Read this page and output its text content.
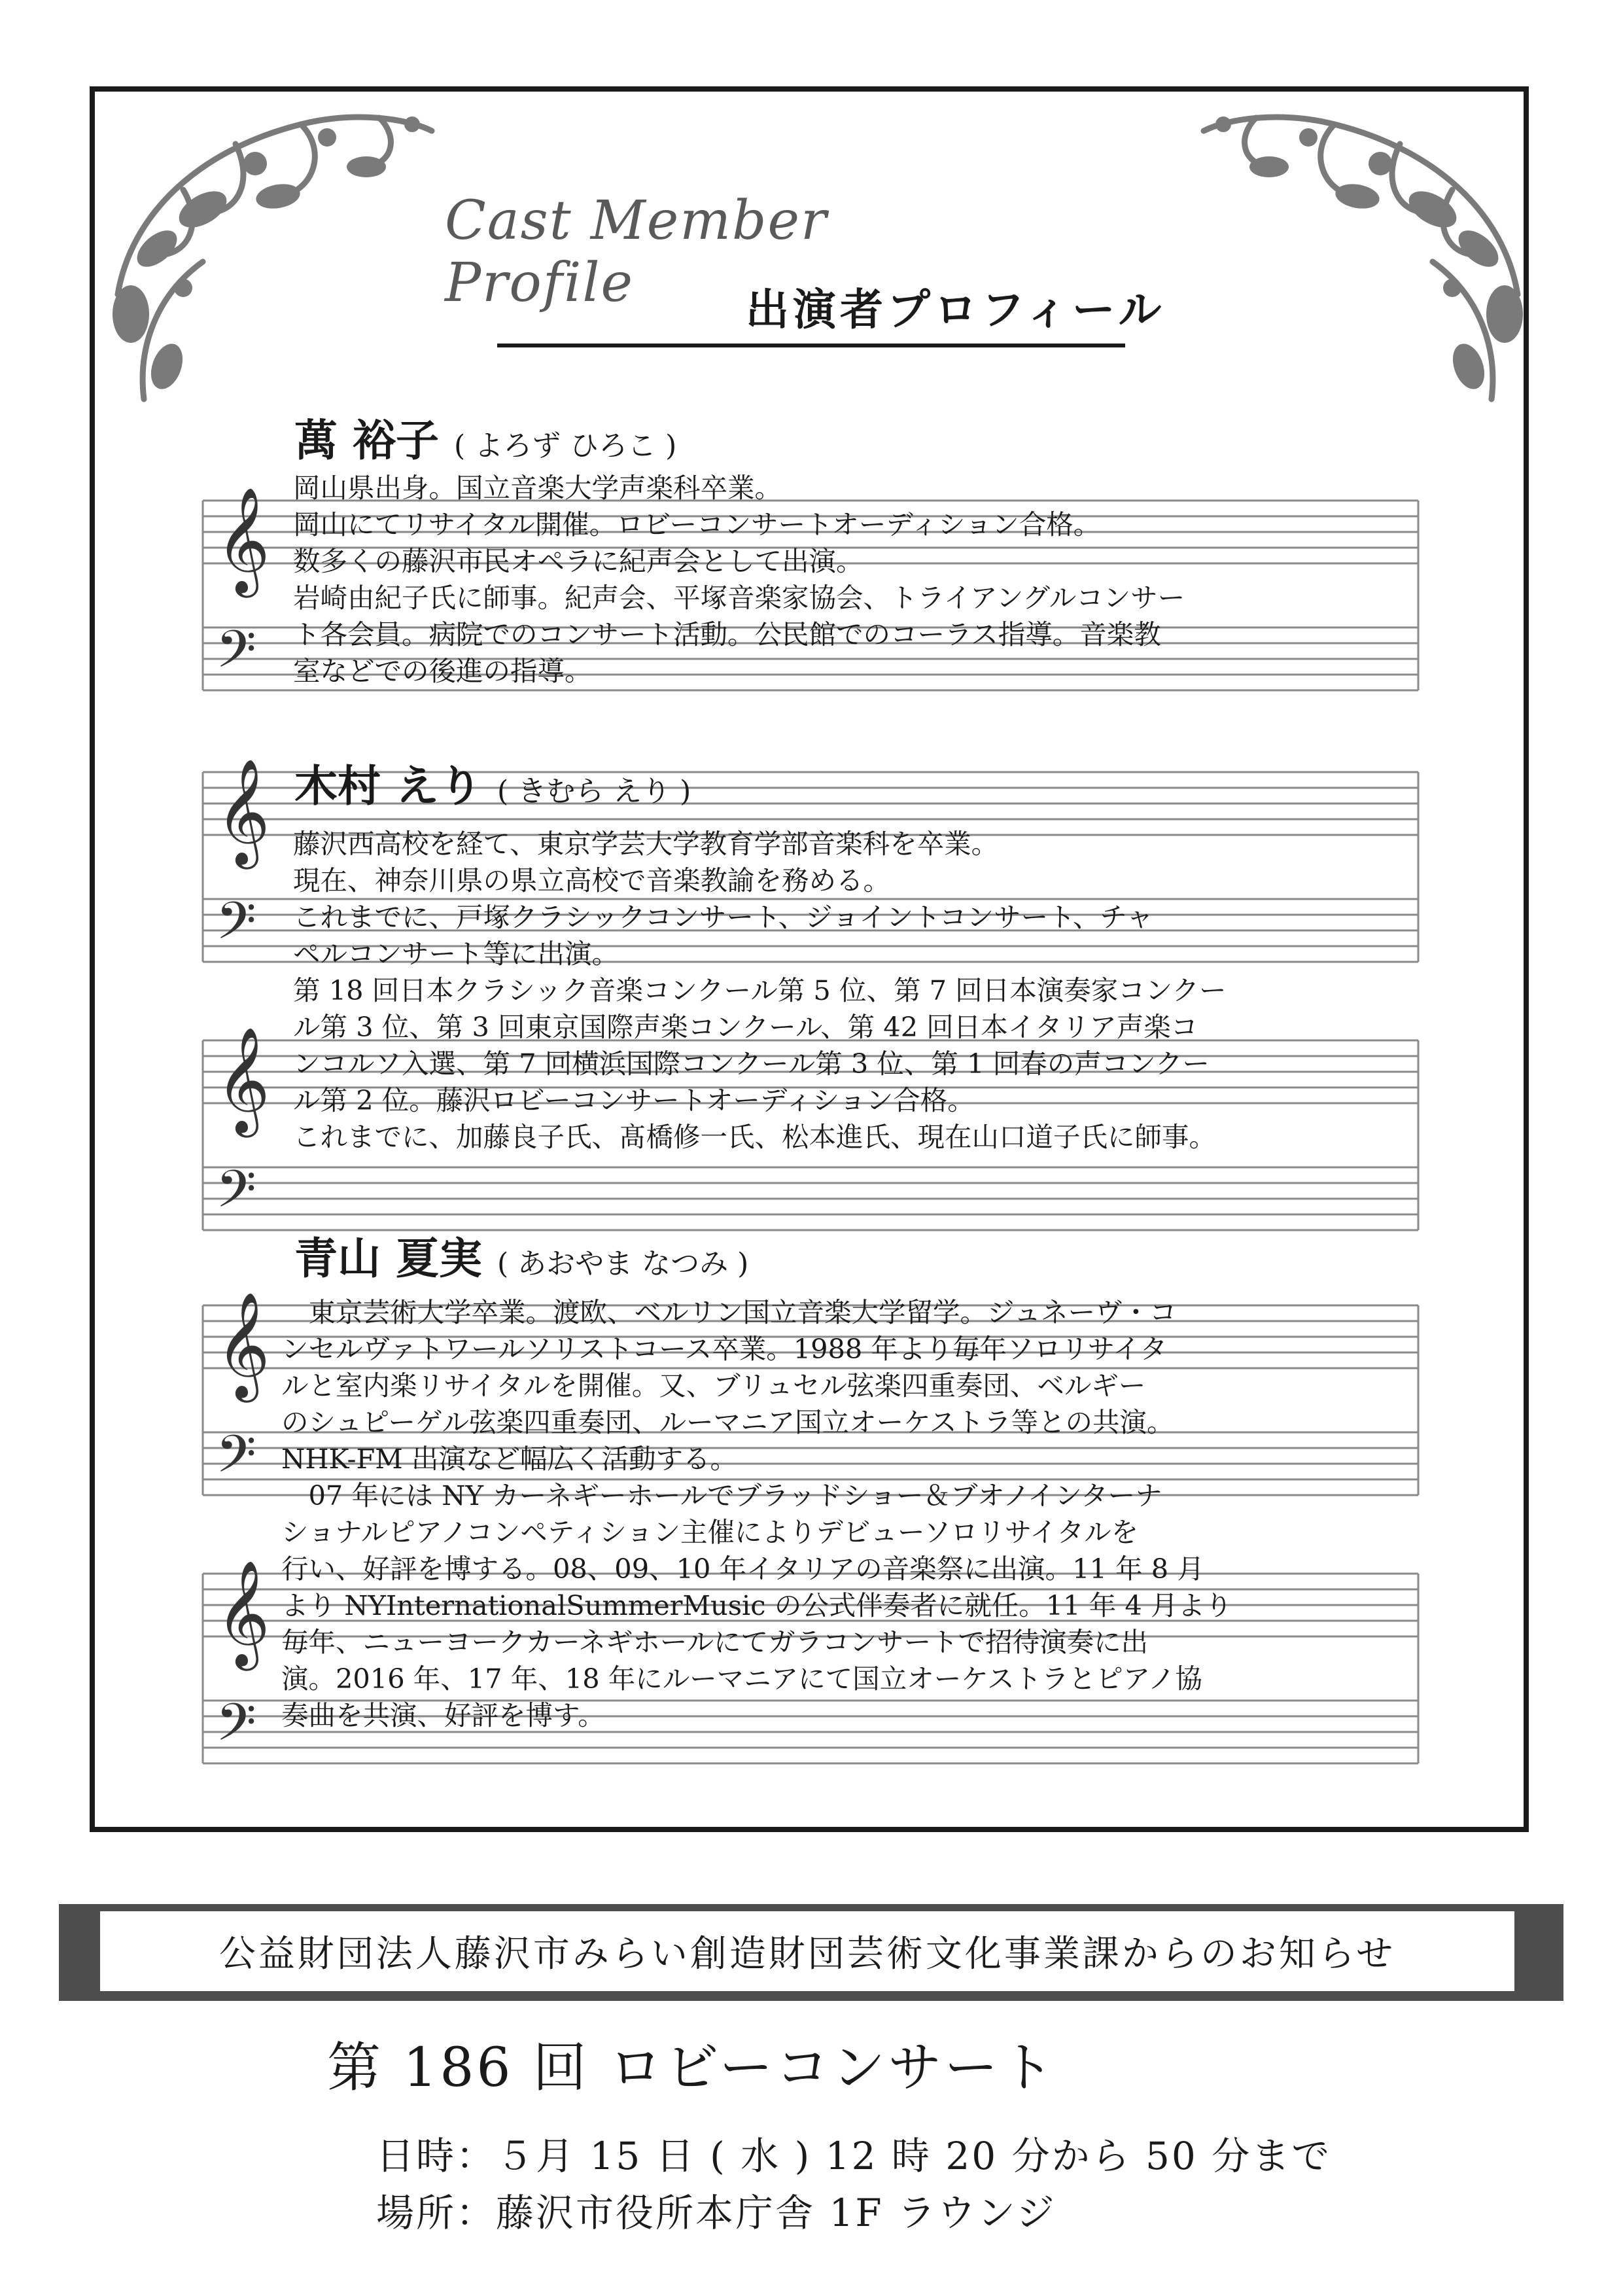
Cast Member Profile	出演者プロフィール
𝄞
𝄢
𝄞
𝄢
𝄞
𝄢
𝄞
𝄢
𝄞
𝄢
萬 裕子 ( よろず ひろこ )
岡山県出身。国立音楽大学声楽科卒業。
岡山にてリサイタル開催。ロビーコンサートオーディション合格。
数多くの藤沢市民オペラに紀声会として出演。
岩崎由紀子氏に師事。紀声会、平塚音楽家協会、トライアングルコンサー
ト各会員。病院でのコンサート活動。公民館でのコーラス指導。音楽教
室などでの後進の指導。
木村 えり ( きむら えり )
藤沢西高校を経て、東京学芸大学教育学部音楽科を卒業。
現在、神奈川県の県立高校で音楽教諭を務める。
これまでに、戸塚クラシックコンサート、ジョイントコンサート、チャ
ペルコンサート等に出演。
第 18 回日本クラシック音楽コンクール第 5 位、第 7 回日本演奏家コンクー
ル第 3 位、第 3 回東京国際声楽コンクール、第 42 回日本イタリア声楽コ
ンコルソ入選、第 7 回横浜国際コンクール第 3 位、第 1 回春の声コンクー
ル第 2 位。藤沢ロビーコンサートオーディション合格。
これまでに、加藤良子氏、髙橋修一氏、松本進氏、現在山口道子氏に師事。
青山 夏実 ( あおやま なつみ )
　東京芸術大学卒業。渡欧、ベルリン国立音楽大学留学。ジュネーヴ・コ
ンセルヴァトワールソリストコース卒業。1988 年より毎年ソロリサイタ
ルと室内楽リサイタルを開催。又、ブリュセル弦楽四重奏団、ベルギー
のシュピーゲル弦楽四重奏団、ルーマニア国立オーケストラ等との共演。
NHK-FM 出演など幅広く活動する。
　07 年には NY カーネギーホールでブラッドショー＆ブオノインターナ
ショナルピアノコンペティション主催によりデビューソロリサイタルを
行い、好評を博する。08、09、10 年イタリアの音楽祭に出演。11 年 8 月
より NYInternationalSummerMusic の公式伴奏者に就任。11 年 4 月より
毎年、ニューヨークカーネギホールにてガラコンサートで招待演奏に出
演。2016 年、17 年、18 年にルーマニアにて国立オーケストラとピアノ協
奏曲を共演、好評を博す。
公益財団法人藤沢市みらい創造財団芸術文化事業課からのお知らせ
第 186 回 ロビーコンサート
日時：５月 15 日 ( 水 ) 12 時 20 分から 50 分まで
場所：藤沢市役所本庁舎 1F ラウンジ
